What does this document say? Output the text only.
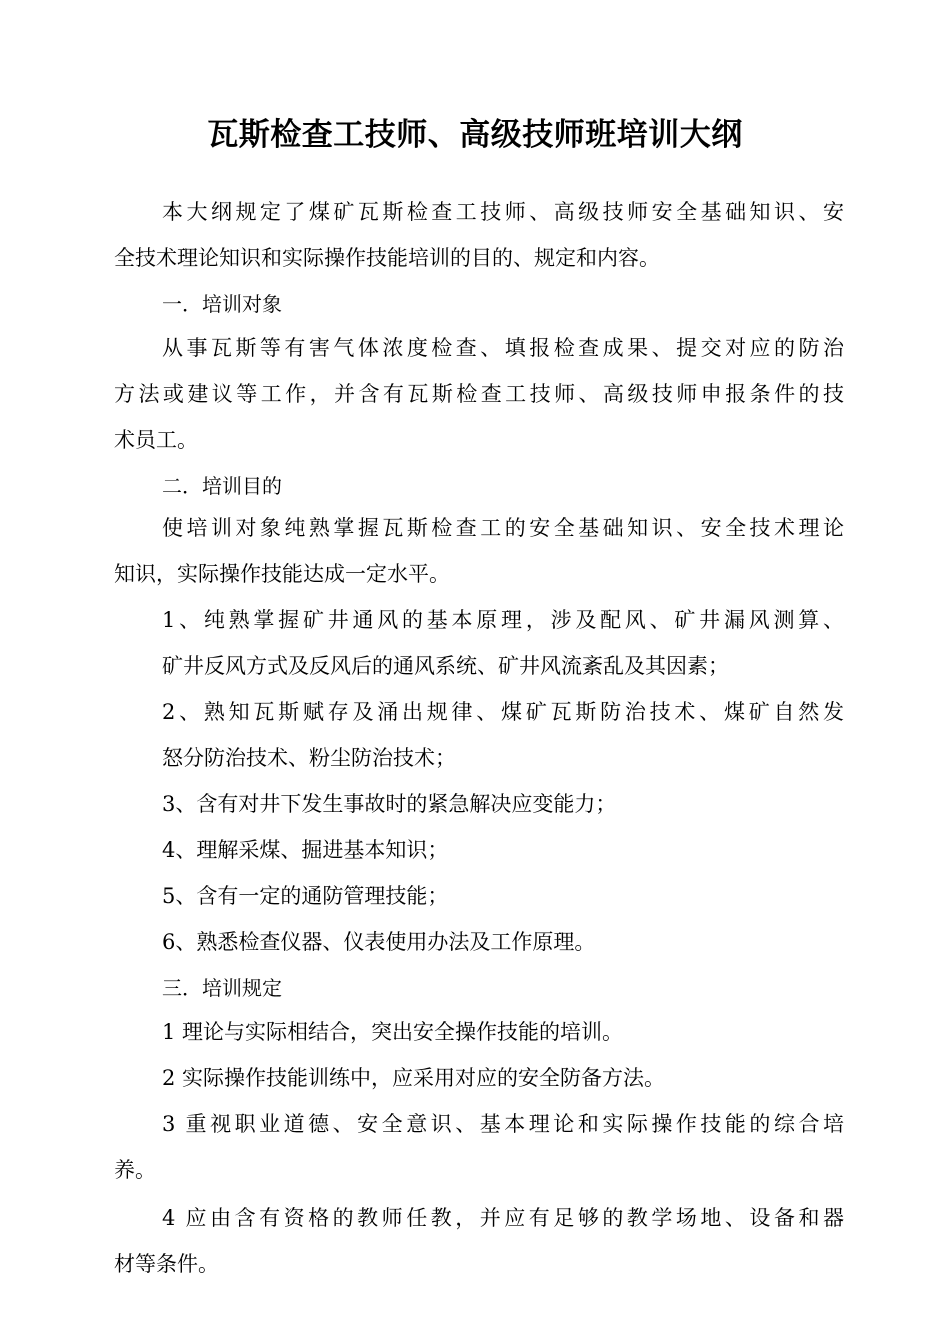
瓦斯检查工技师、高级技师班培训大纲

本大纲规定了煤矿瓦斯检查工技师、高级技师安全基础知识、安

全技术理论知识和实际操作技能培训的目的、规定和内容。

一．培训对象

从事瓦斯等有害气体浓度检查、填报检查成果、提交对应的防治

方法或建议等工作，并含有瓦斯检查工技师、高级技师申报条件的技

术员工。

二．培训目的

使培训对象纯熟掌握瓦斯检查工的安全基础知识、安全技术理论

知识，实际操作技能达成一定水平。

1、纯熟掌握矿井通风的基本原理，涉及配风、矿井漏风测算、

矿井反风方式及反风后的通风系统、矿井风流紊乱及其因素；

2、熟知瓦斯赋存及涌出规律、煤矿瓦斯防治技术、煤矿自然发

怒分防治技术、粉尘防治技术；

3、含有对井下发生事故时的紧急解决应变能力；

4、理解采煤、掘进基本知识；

5、含有一定的通防管理技能；

6、熟悉检查仪器、仪表使用办法及工作原理。

三．培训规定

1 理论与实际相结合，突出安全操作技能的培训。

2 实际操作技能训练中，应采用对应的安全防备方法。

3 重视职业道德、安全意识、基本理论和实际操作技能的综合培

养。

4 应由含有资格的教师任教，并应有足够的教学场地、设备和器

材等条件。
